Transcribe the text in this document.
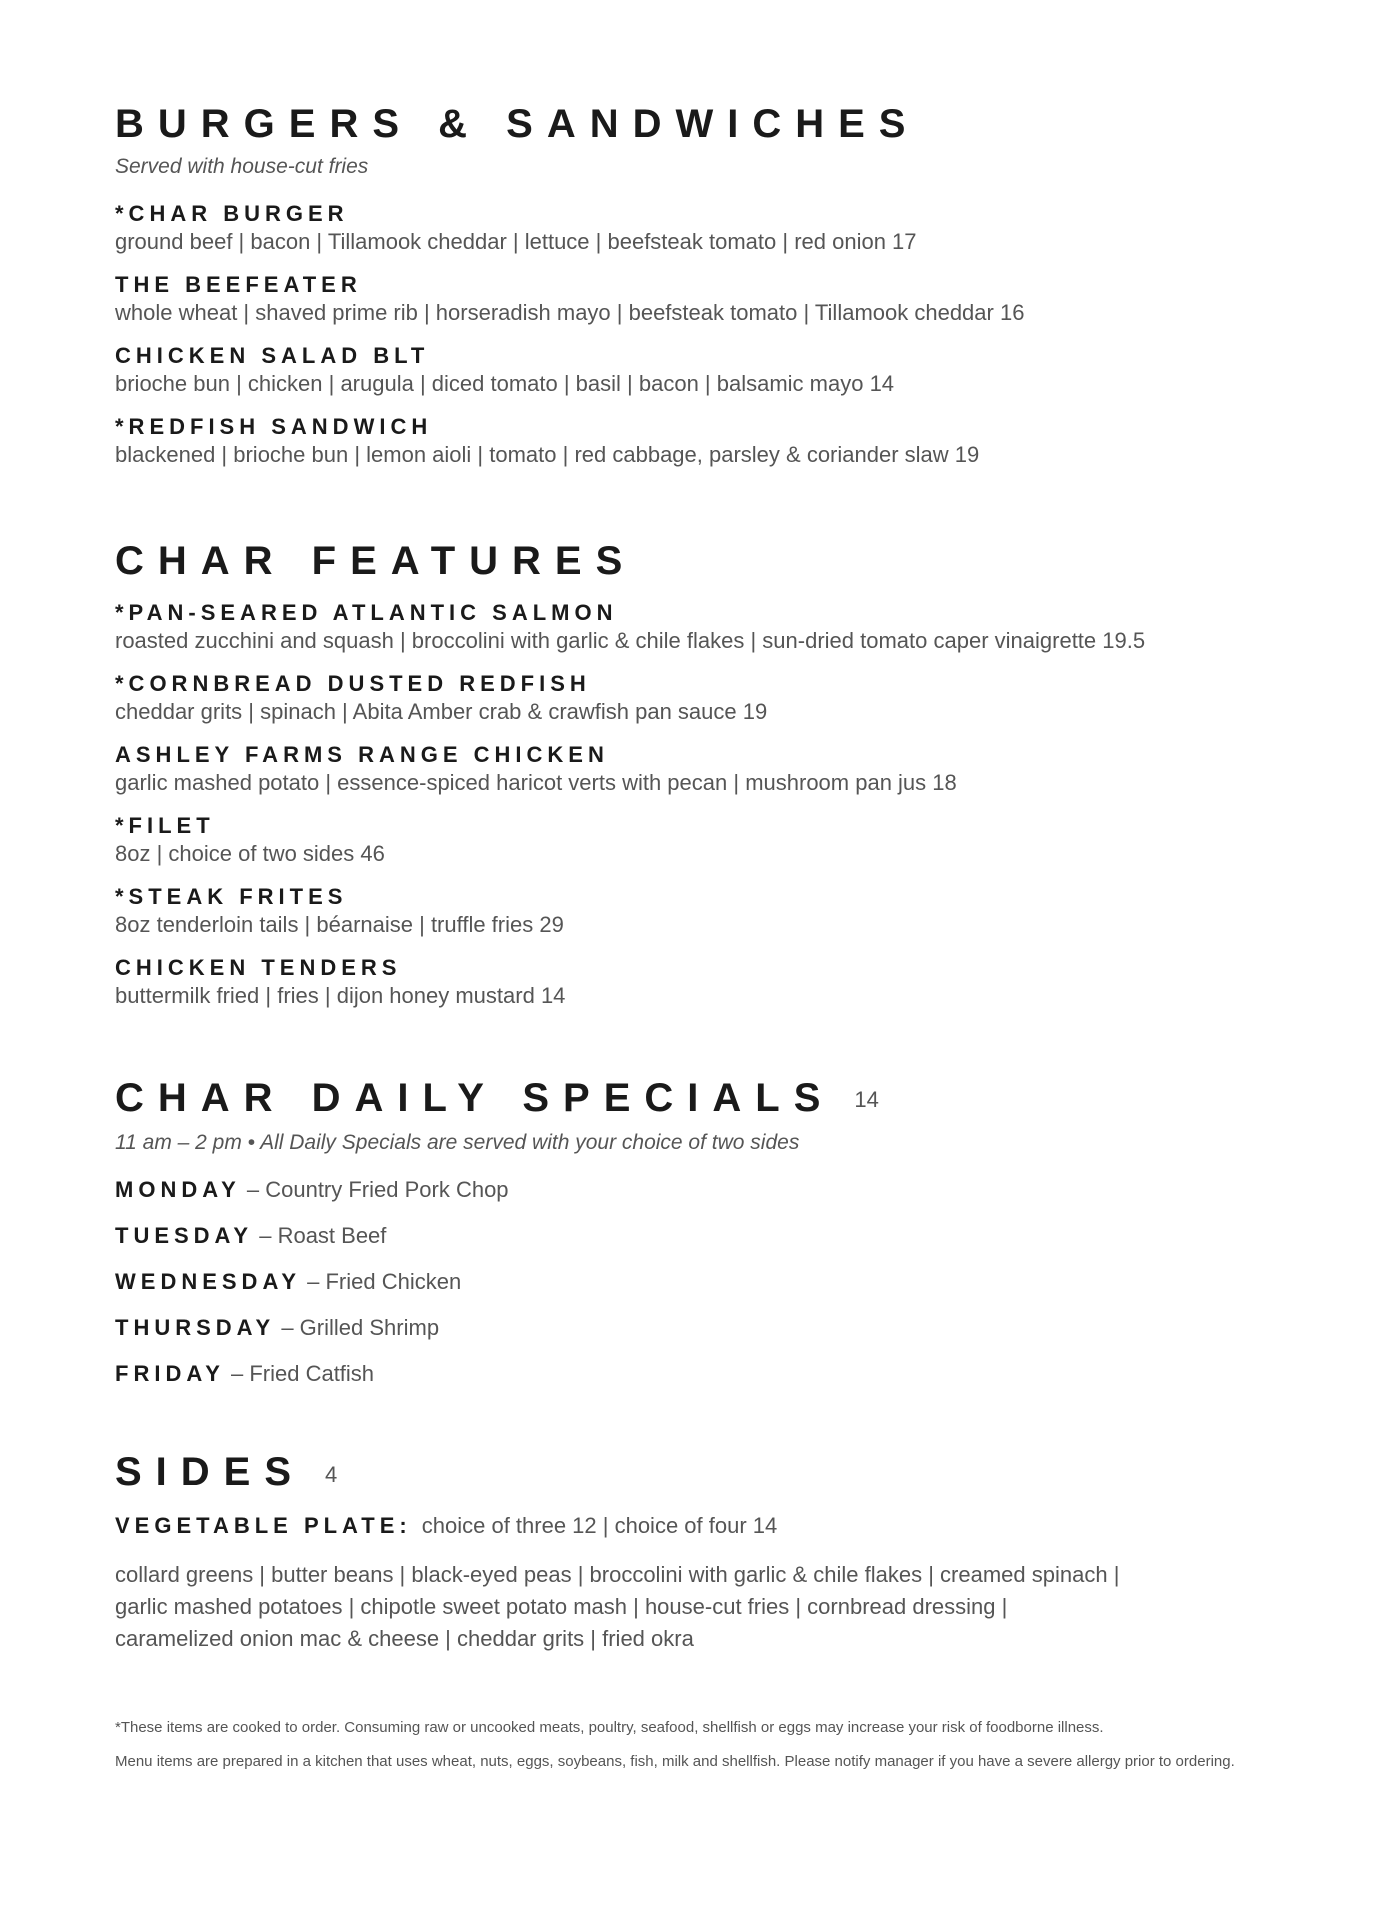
BURGERS & SANDWICHES
Served with house-cut fries
*CHAR BURGER
ground beef | bacon | Tillamook cheddar | lettuce | beefsteak tomato | red onion 17
THE BEEFEATER
whole wheat | shaved prime rib | horseradish mayo | beefsteak tomato | Tillamook cheddar 16
CHICKEN SALAD BLT
brioche bun | chicken | arugula | diced tomato | basil | bacon | balsamic mayo 14
*REDFISH SANDWICH
blackened | brioche bun | lemon aioli | tomato | red cabbage, parsley & coriander slaw 19
CHAR FEATURES
*PAN-SEARED ATLANTIC SALMON
roasted zucchini and squash | broccolini with garlic & chile flakes | sun-dried tomato caper vinaigrette 19.5
*CORNBREAD DUSTED REDFISH
cheddar grits | spinach | Abita Amber crab & crawfish pan sauce 19
ASHLEY FARMS RANGE CHICKEN
garlic mashed potato | essence-spiced haricot verts with pecan | mushroom pan jus 18
*FILET
8oz | choice of two sides 46
*STEAK FRITES
8oz tenderloin tails | béarnaise | truffle fries 29
CHICKEN TENDERS
buttermilk fried | fries | dijon honey mustard 14
CHAR DAILY SPECIALS 14
11 am – 2 pm • All Daily Specials are served with your choice of two sides
MONDAY – Country Fried Pork Chop
TUESDAY – Roast Beef
WEDNESDAY – Fried Chicken
THURSDAY – Grilled Shrimp
FRIDAY – Fried Catfish
SIDES 4
VEGETABLE PLATE: choice of three 12 | choice of four 14
collard greens | butter beans | black-eyed peas | broccolini with garlic & chile flakes | creamed spinach |
garlic mashed potatoes | chipotle sweet potato mash | house-cut fries | cornbread dressing |
caramelized onion mac & cheese | cheddar grits | fried okra

*These items are cooked to order. Consuming raw or uncooked meats, poultry, seafood, shellfish or eggs may increase your risk of foodborne illness.

Menu items are prepared in a kitchen that uses wheat, nuts, eggs, soybeans, fish, milk and shellfish. Please notify manager if you have a severe allergy prior to ordering.
